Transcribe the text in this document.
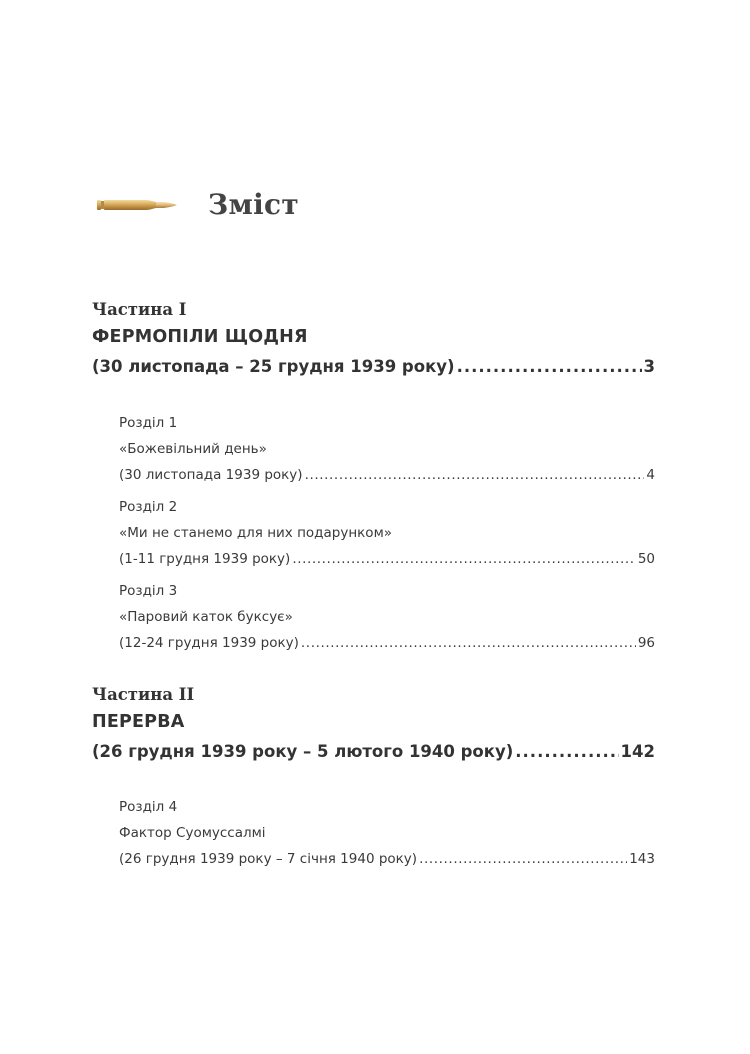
Зміст
Частина I
ФЕРМОПІЛИ ЩОДНЯ
(30 листопада – 25 грудня 1939 року) .....	3
Розділ 1
«Божевільний день»
(30 листопада 1939 року) .....	4
Розділ 2
«Ми не станемо для них подарунком»
(1-11 грудня 1939 року) .....	50
Розділ 3
«Паровий каток буксує»
(12-24 грудня 1939 року) .....	96
Частина II
ПЕРЕРВА
(26 грудня 1939 року – 5 лютого 1940 року) .....	142
Розділ 4
Фактор Суомуссалмі
(26 грудня 1939 року – 7 січня 1940 року) .....	143
